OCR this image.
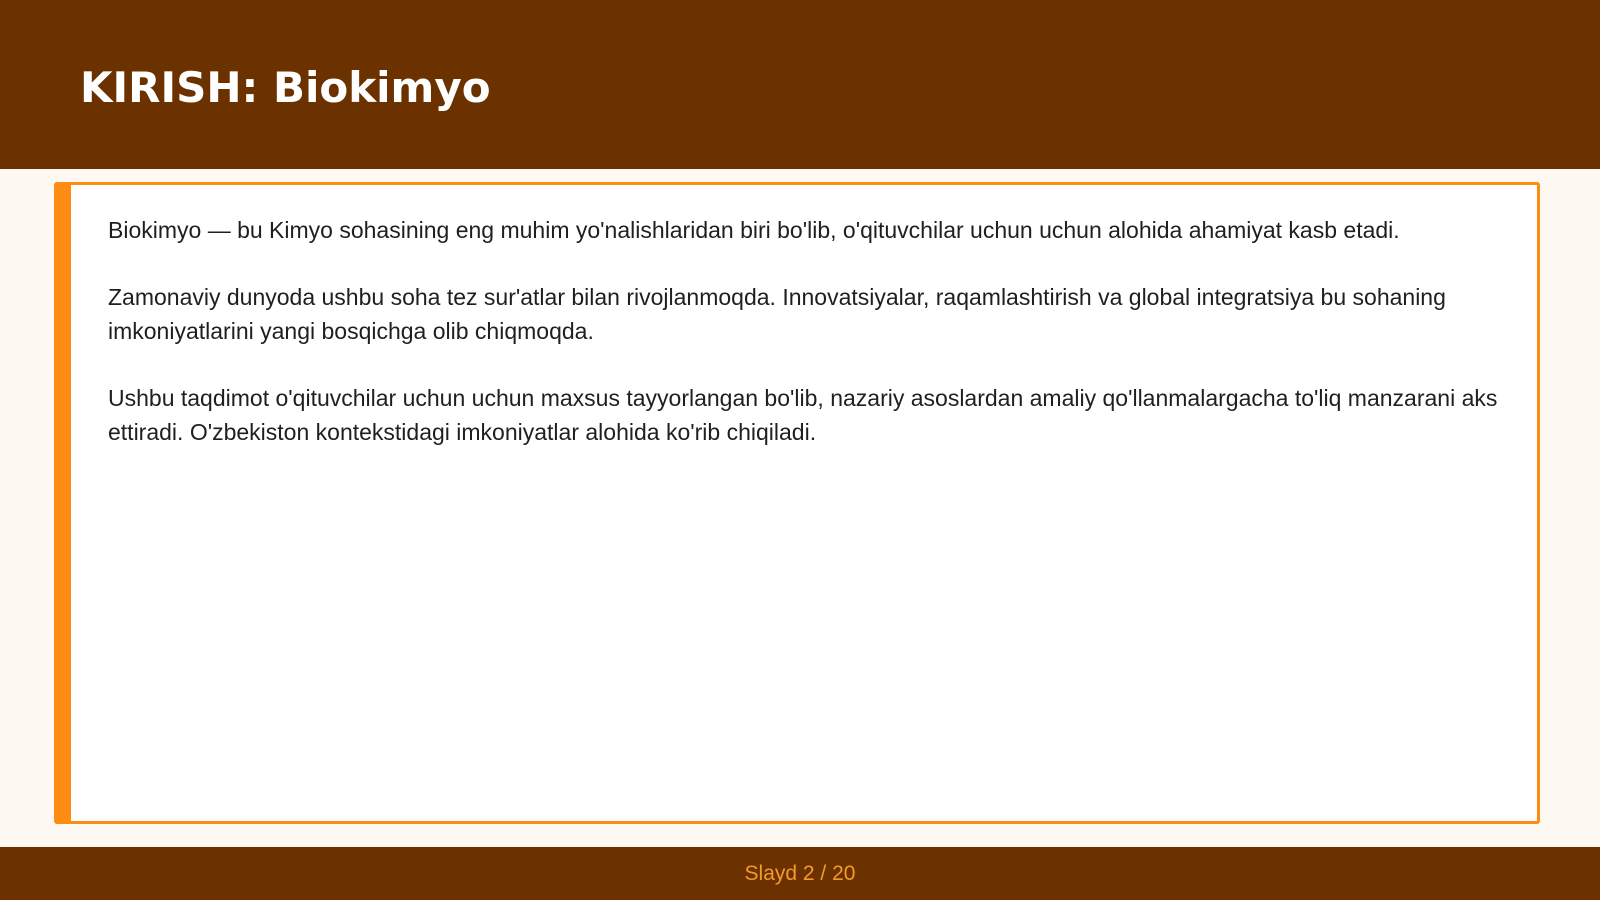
KIRISH: Biokimyo

Biokimyo — bu Kimyo sohasining eng muhim yo'nalishlaridan biri bo'lib, o'qituvchilar uchun uchun alohida ahamiyat kasb etadi.

Zamonaviy dunyoda ushbu soha tez sur'atlar bilan rivojlanmoqda. Innovatsiyalar, raqamlashtirish va global integratsiya bu sohaning imkoniyatlarini yangi bosqichga olib chiqmoqda.

Ushbu taqdimot o'qituvchilar uchun uchun maxsus tayyorlangan bo'lib, nazariy asoslardan amaliy qo'llanmalargacha to'liq manzarani aks ettiradi. O'zbekiston kontekstidagi imkoniyatlar alohida ko'rib chiqiladi.

Slayd 2 / 20
